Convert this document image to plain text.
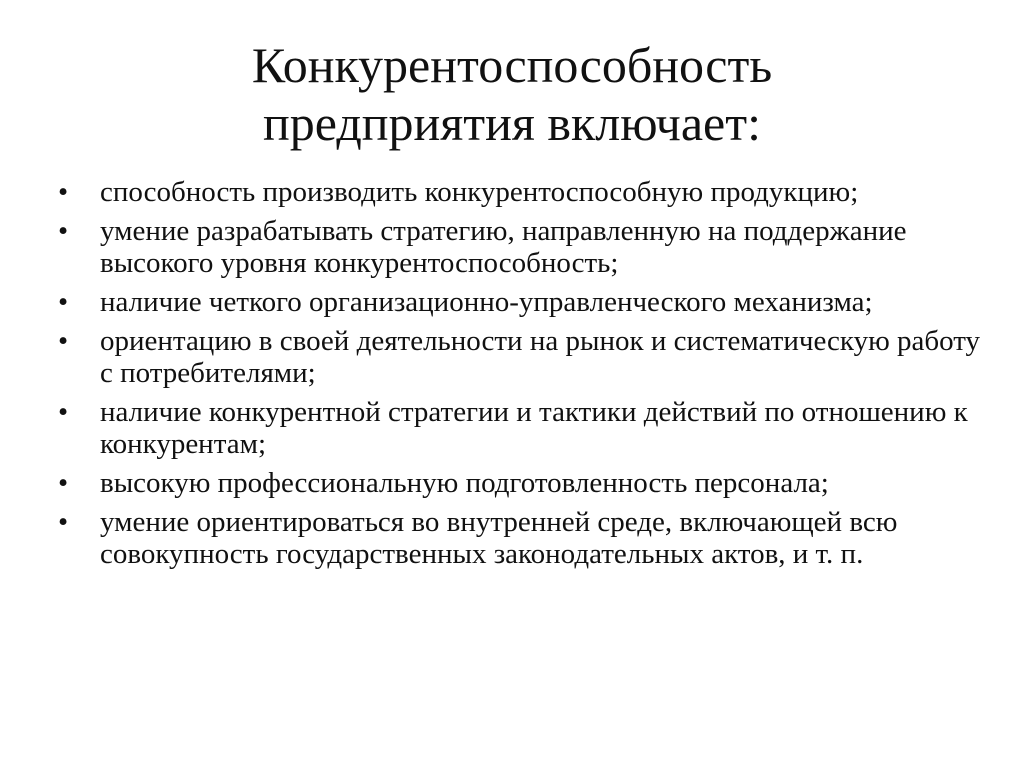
Конкурентоспособность
предприятия включает:
•	способность производить конкурентоспособную продукцию;
•	умение разрабатывать стратегию, направленную на поддержание высокого уровня конкурентоспособность;
•	наличие четкого организационно-управленческого механизма;
•	ориентацию в своей деятельности на рынок и систематическую работу с потребителями;
•	наличие конкурентной стратегии и тактики действий по отношению к конкурентам;
•	высокую профессиональную подготовленность персонала;
•	умение ориентироваться во внутренней среде, включающей всю совокупность государственных законодательных актов, и т. п.
